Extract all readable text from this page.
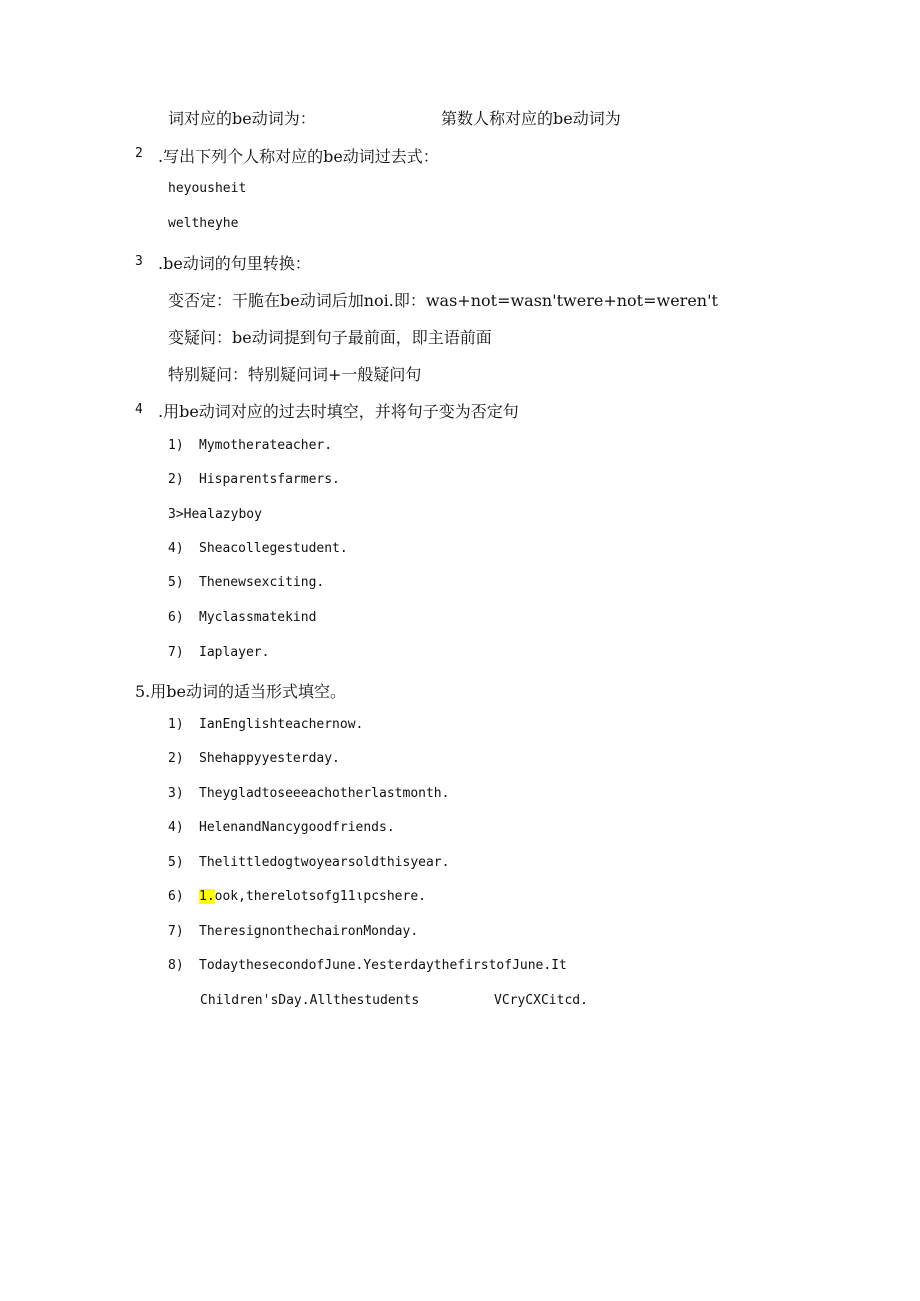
词对应的be动词为：	第数人称对应的be动词为
2 .写出下列个人称对应的be动词过去式：
heyousheit
weltheyhe
3 .be动词的句里转换：
变否定：干脆在be动词后加noi.即：was+not=wasn'twere+not=weren't
变疑问：be动词提到句子最前面，即主语前面
特别疑问：特别疑问词+一般疑问句
4 .用be动词对应的过去时填空，并将句子变为否定句
1) Mymotherateacher.
2) Hisparentsfarmers.
3>Healazyboy
4) Sheacollegestudent.
5) Thenewsexciting.
6) Myclassmatekind
7) Iaplayer.
5.用be动词的适当形式填空。
1) IanEnglishteachernow.
2) Shehappyyesterday.
3) Theygladtoseeeachotherlastmonth.
4) HelenandNancygoodfriends.
5) Thelittledogtwoyearsoldthisyear.
6) 1.ook,therelotsofg11ιpcshere.
7) TheresignonthechaironMonday.
8) TodaythesecondofJune.YesterdaythefirstofJune.It
Children'sDay.Allthestudents	VCryCXCitcd.
